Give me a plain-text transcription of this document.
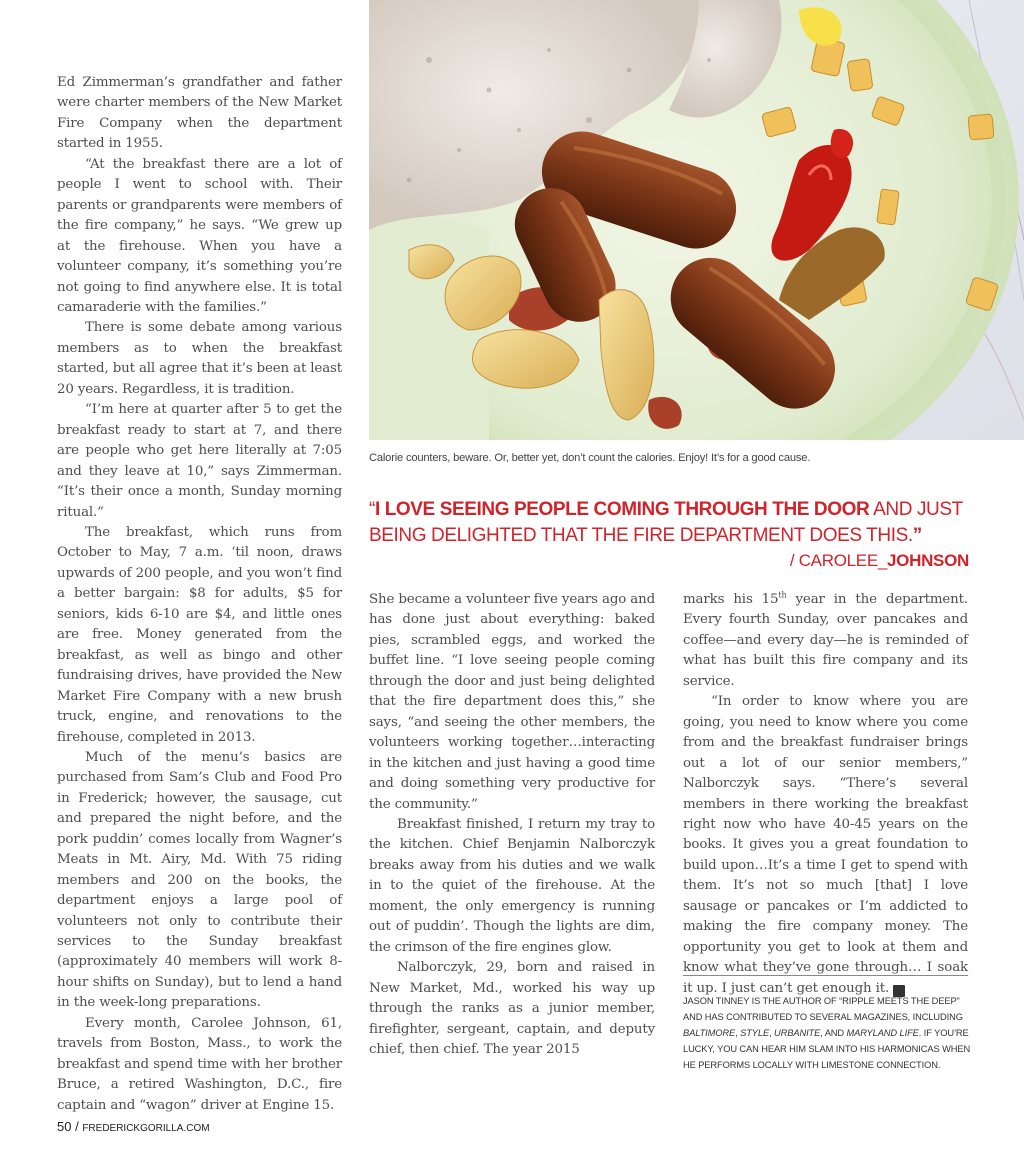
Ed Zimmerman’s grandfather and father were charter members of the New Market Fire Company when the department started in 1955.

“At the breakfast there are a lot of people I went to school with. Their parents or grandparents were members of the fire company,” he says. “We grew up at the firehouse. When you have a volunteer company, it’s something you’re not going to find anywhere else. It is total camaraderie with the families.”

There is some debate among various members as to when the breakfast started, but all agree that it’s been at least 20 years. Regardless, it is tradition.

“I’m here at quarter after 5 to get the breakfast ready to start at 7, and there are people who get here literally at 7:05 and they leave at 10,” says Zimmerman. “It’s their once a month, Sunday morning ritual.”

The breakfast, which runs from October to May, 7 a.m. ‘til noon, draws upwards of 200 people, and you won’t find a better bargain: $8 for adults, $5 for seniors, kids 6-10 are $4, and little ones are free. Money generated from the breakfast, as well as bingo and other fundraising drives, have provided the New Market Fire Company with a new brush truck, engine, and renovations to the firehouse, completed in 2013.

Much of the menu’s basics are purchased from Sam’s Club and Food Pro in Frederick; however, the sausage, cut and prepared the night before, and the pork puddin’ comes locally from Wagner’s Meats in Mt. Airy, Md. With 75 riding members and 200 on the books, the department enjoys a large pool of volunteers not only to contribute their services to the Sunday breakfast (approximately 40 members will work 8-hour shifts on Sunday), but to lend a hand in the week-long preparations.

Every month, Carolee Johnson, 61, travels from Boston, Mass., to work the breakfast and spend time with her brother Bruce, a retired Washington, D.C., fire captain and “wagon” driver at Engine 15.

Calorie counters, beware. Or, better yet, don’t count the calories. Enjoy! It’s for a good cause.
“I LOVE SEEING PEOPLE COMING THROUGH THE DOOR AND JUST BEING DELIGHTED THAT THE FIRE DEPARTMENT DOES THIS.”
/ CAROLEE_JOHNSON

She became a volunteer five years ago and has done just about everything: baked pies, scrambled eggs, and worked the buffet line. “I love seeing people coming through the door and just being delighted that the fire department does this,” she says, “and seeing the other members, the volunteers working together…interacting in the kitchen and just having a good time and doing something very productive for the community.”

Breakfast finished, I return my tray to the kitchen. Chief Benjamin Nalborczyk breaks away from his duties and we walk in to the quiet of the firehouse. At the moment, the only emergency is running out of puddin’. Though the lights are dim, the crimson of the fire engines glow.

Nalborczyk, 29, born and raised in New Market, Md., worked his way up through the ranks as a junior member, firefighter, sergeant, captain, and deputy chief, then chief. The year 2015

marks his 15th year in the department. Every fourth Sunday, over pancakes and coffee—and every day—he is reminded of what has built this fire company and its service.

“In order to know where you are going, you need to know where you come from and the breakfast fundraiser brings out a lot of our senior members,” Nalborczyk says. “There’s several members in there working the breakfast right now who have 40-45 years on the books. It gives you a great foundation to build upon…It’s a time I get to spend with them. It’s not so much [that] I love sausage or pancakes or I’m addicted to making the fire company money. The opportunity you get to look at them and know what they’ve gone through… I soak it up. I just can’t get enough it.	G

JASON TINNEY IS THE AUTHOR OF “RIPPLE MEETS THE DEEP” AND HAS CONTRIBUTED TO SEVERAL MAGAZINES, INCLUDING BALTIMORE, STYLE, URBANITE, AND MARYLAND LIFE. IF YOU’RE LUCKY, YOU CAN HEAR HIM SLAM INTO HIS HARMONICAS WHEN HE PERFORMS LOCALLY WITH LIMESTONE CONNECTION.
50 / FREDERICKGORILLA.COM
